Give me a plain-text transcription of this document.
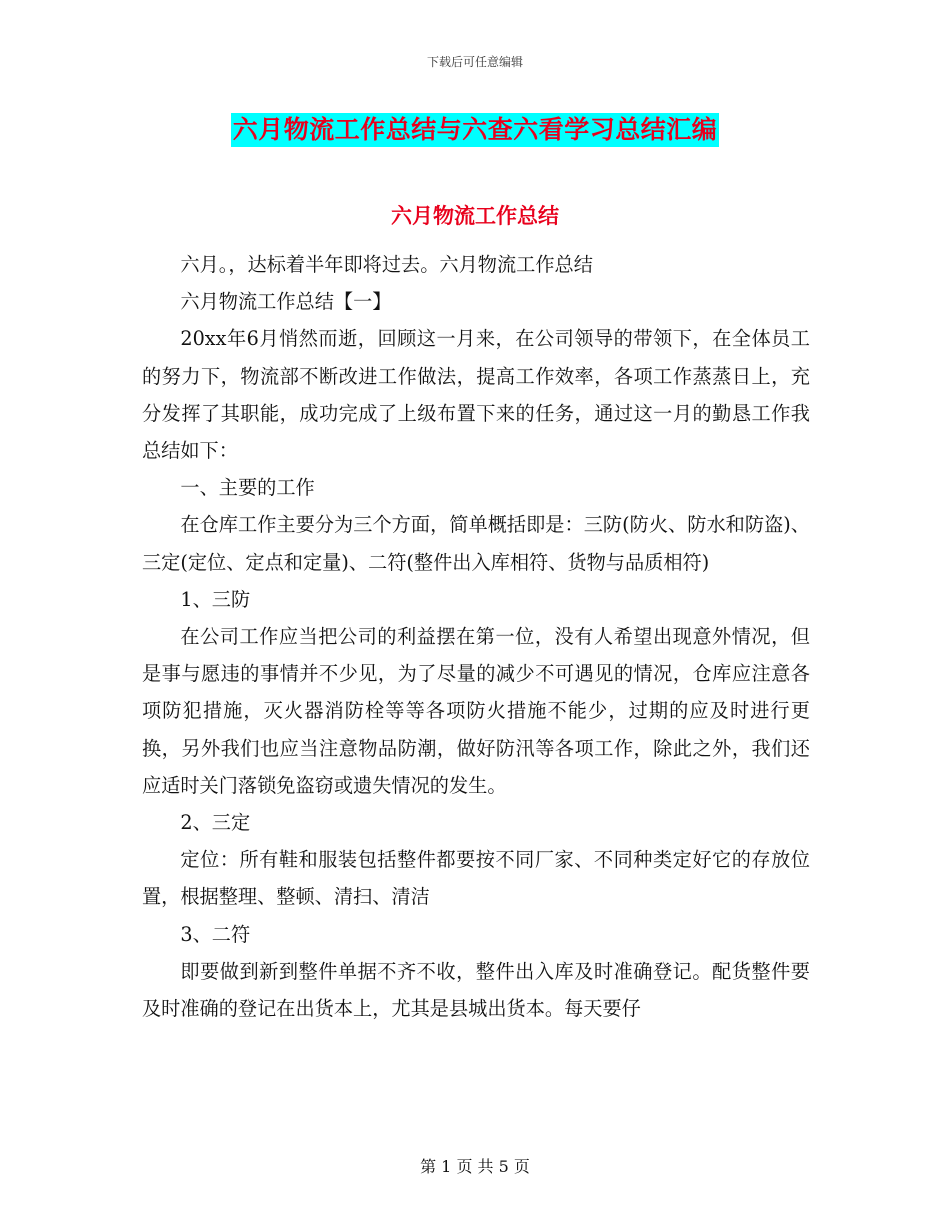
下载后可任意编辑
六月物流工作总结与六查六看学习总结汇编
六月物流工作总结

六月。，达标着半年即将过去。六月物流工作总结

六月物流工作总结【一】

20xx年6月悄然而逝，回顾这一月来，在公司领导的带领下，在全体员工的努力下，物流部不断改进工作做法，提高工作效率，各项工作蒸蒸日上，充分发挥了其职能，成功完成了上级布置下来的任务，通过这一月的勤恳工作我总结如下：

一、主要的工作

在仓库工作主要分为三个方面，简单概括即是：三防(防火、防水和防盗)、三定(定位、定点和定量)、二符(整件出入库相符、货物与品质相符)

1、三防

在公司工作应当把公司的利益摆在第一位，没有人希望出现意外情况，但是事与愿违的事情并不少见，为了尽量的减少不可遇见的情况，仓库应注意各项防犯措施，灭火器消防栓等等各项防火措施不能少，过期的应及时进行更换，另外我们也应当注意物品防潮，做好防汛等各项工作，除此之外，我们还应适时关门落锁免盗窃或遗失情况的发生。

2、三定

定位：所有鞋和服装包括整件都要按不同厂家、不同种类定好它的存放位置，根据整理、整顿、清扫、清洁

3、二符

即要做到新到整件单据不齐不收，整件出入库及时准确登记。配货整件要及时准确的登记在出货本上，尤其是县城出货本。每天要仔

第 1 页 共 5 页
